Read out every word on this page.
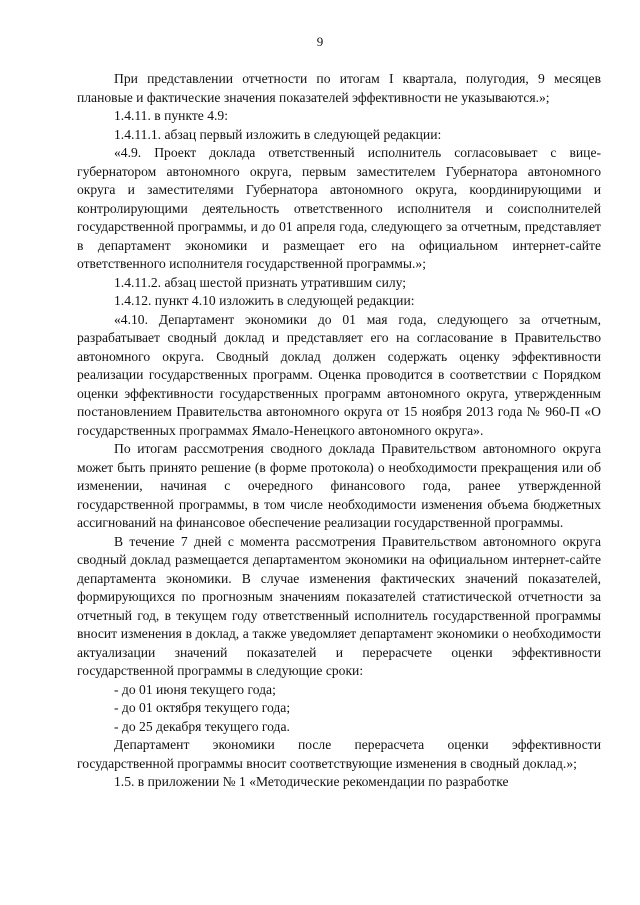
9

При представлении отчетности по итогам I квартала, полугодия, 9 месяцев плановые и фактические значения показателей эффективности не указываются.»;

1.4.11. в пункте 4.9:

1.4.11.1. абзац первый изложить в следующей редакции:

«4.9. Проект доклада ответственный исполнитель согласовывает с вице-губернатором автономного округа, первым заместителем Губернатора автономного округа и заместителями Губернатора автономного округа, координирующими и контролирующими деятельность ответственного исполнителя и соисполнителей государственной программы, и до 01 апреля года, следующего за отчетным, представляет в департамент экономики и размещает его на официальном интернет-сайте ответственного исполнителя государственной программы.»;

1.4.11.2. абзац шестой признать утратившим силу;

1.4.12. пункт 4.10 изложить в следующей редакции:

«4.10. Департамент экономики до 01 мая года, следующего за отчетным, разрабатывает сводный доклад и представляет его на согласование в Правительство автономного округа. Сводный доклад должен содержать оценку эффективности реализации государственных программ. Оценка проводится в соответствии с Порядком оценки эффективности государственных программ автономного округа, утвержденным постановлением Правительства автономного округа от 15 ноября 2013 года № 960-П «О государственных программах Ямало-Ненецкого автономного округа».

По итогам рассмотрения сводного доклада Правительством автономного округа может быть принято решение (в форме протокола) о необходимости прекращения или об изменении, начиная с очередного финансового года, ранее утвержденной государственной программы, в том числе необходимости изменения объема бюджетных ассигнований на финансовое обеспечение реализации государственной программы.

В течение 7 дней с момента рассмотрения Правительством автономного округа сводный доклад размещается департаментом экономики на официальном интернет-сайте департамента экономики. В случае изменения фактических значений показателей, формирующихся по прогнозным значениям показателей статистической отчетности за отчетный год, в текущем году ответственный исполнитель государственной программы вносит изменения в доклад, а также уведомляет департамент экономики о необходимости актуализации значений показателей и перерасчете оценки эффективности государственной программы в следующие сроки:

- до 01 июня текущего года;

- до 01 октября текущего года;

- до 25 декабря текущего года.

Департамент экономики после перерасчета оценки эффективности государственной программы вносит соответствующие изменения в сводный доклад.»;

1.5. в приложении № 1 «Методические рекомендации по разработке
